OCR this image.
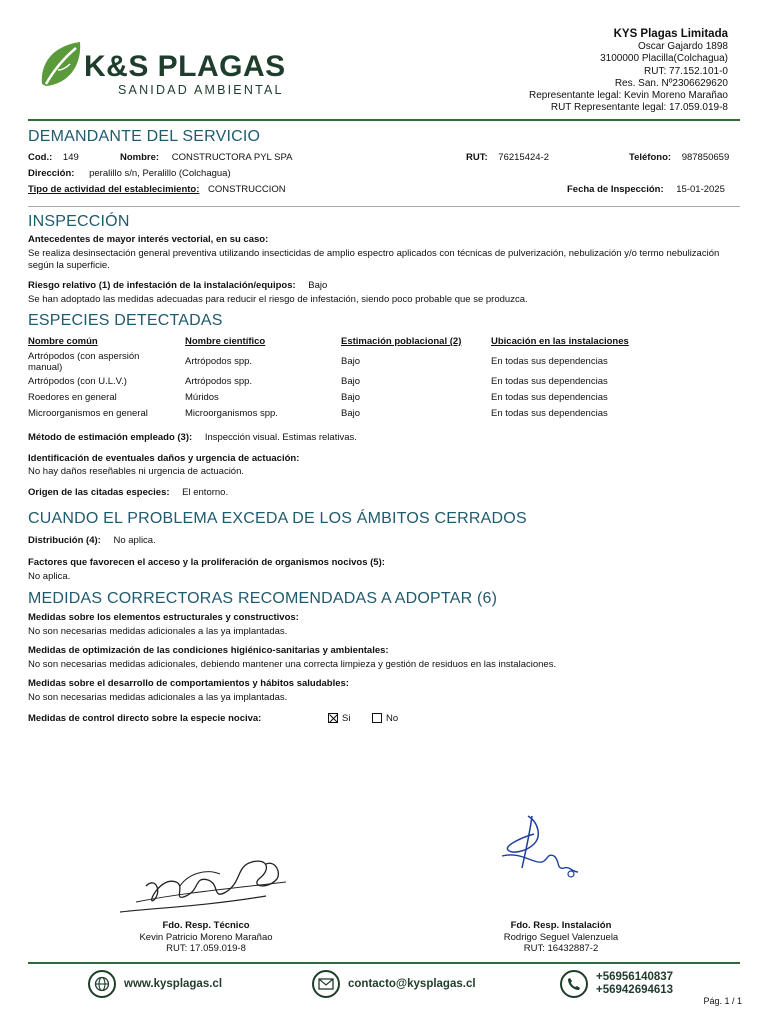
K&S PLAGAS
SANIDAD AMBIENTAL
KYS Plagas Limitada
Oscar Gajardo 1898
3100000 Placilla(Colchagua)
RUT: 77.152.101-0
Res. San. Nº2306629620
Representante legal: Kevin Moreno Marañao
RUT Representante legal: 17.059.019-8
DEMANDANTE DEL SERVICIO
Cod.: 149	Nombre: CONSTRUCTORA PYL SPA	RUT: 76215424-2	Teléfono: 987850659
Dirección: peralillo s/n, Peralillo (Colchagua)
Tipo de actividad del establecimiento: CONSTRUCCION	Fecha de Inspección: 15-01-2025
INSPECCIÓN
Antecedentes de mayor interés vectorial, en su caso:
Se realiza desinsectación general preventiva utilizando insecticidas de amplio espectro aplicados con técnicas de pulverización, nebulización y/o termo nebulización según la superficie.
Riesgo relativo (1) de infestación de la instalación/equipos: Bajo
Se han adoptado las medidas adecuadas para reducir el riesgo de infestación, siendo poco probable que se produzca.
ESPECIES DETECTADAS
Nombre común	Nombre científico	Estimación poblacional (2)	Ubicación en las instalaciones
Artrópodos (con aspersión manual)	Artrópodos spp.	Bajo	En todas sus dependencias
Artrópodos (con U.L.V.)	Artrópodos spp.	Bajo	En todas sus dependencias
Roedores en general	Múridos	Bajo	En todas sus dependencias
Microorganismos en general	Microorganismos spp.	Bajo	En todas sus dependencias
Método de estimación empleado (3): Inspección visual. Estimas relativas.
Identificación de eventuales daños y urgencia de actuación:
No hay daños reseñables ni urgencia de actuación.
Origen de las citadas especies: El entorno.
CUANDO EL PROBLEMA EXCEDA DE LOS ÁMBITOS CERRADOS
Distribución (4): No aplica.
Factores que favorecen el acceso y la proliferación de organismos nocivos (5):
No aplica.
MEDIDAS CORRECTORAS RECOMENDADAS A ADOPTAR (6)
Medidas sobre los elementos estructurales y constructivos:
No son necesarias medidas adicionales a las ya implantadas.
Medidas de optimización de las condiciones higiénico-sanitarias y ambientales:
No son necesarias medidas adicionales, debiendo mantener una correcta limpieza y gestión de residuos en las instalaciones.
Medidas sobre el desarrollo de comportamientos y hábitos saludables:
No son necesarias medidas adicionales a las ya implantadas.
Medidas de control directo sobre la especie nociva:	Si	No
Fdo. Resp. Técnico
Kevin Patricio Moreno Marañao
RUT: 17.059.019-8
Fdo. Resp. Instalación
Rodrigo Seguel Valenzuela
RUT: 16432887-2
www.kysplagas.cl	contacto@kysplagas.cl
+56956140837
+56942694613
Pág. 1 / 1
